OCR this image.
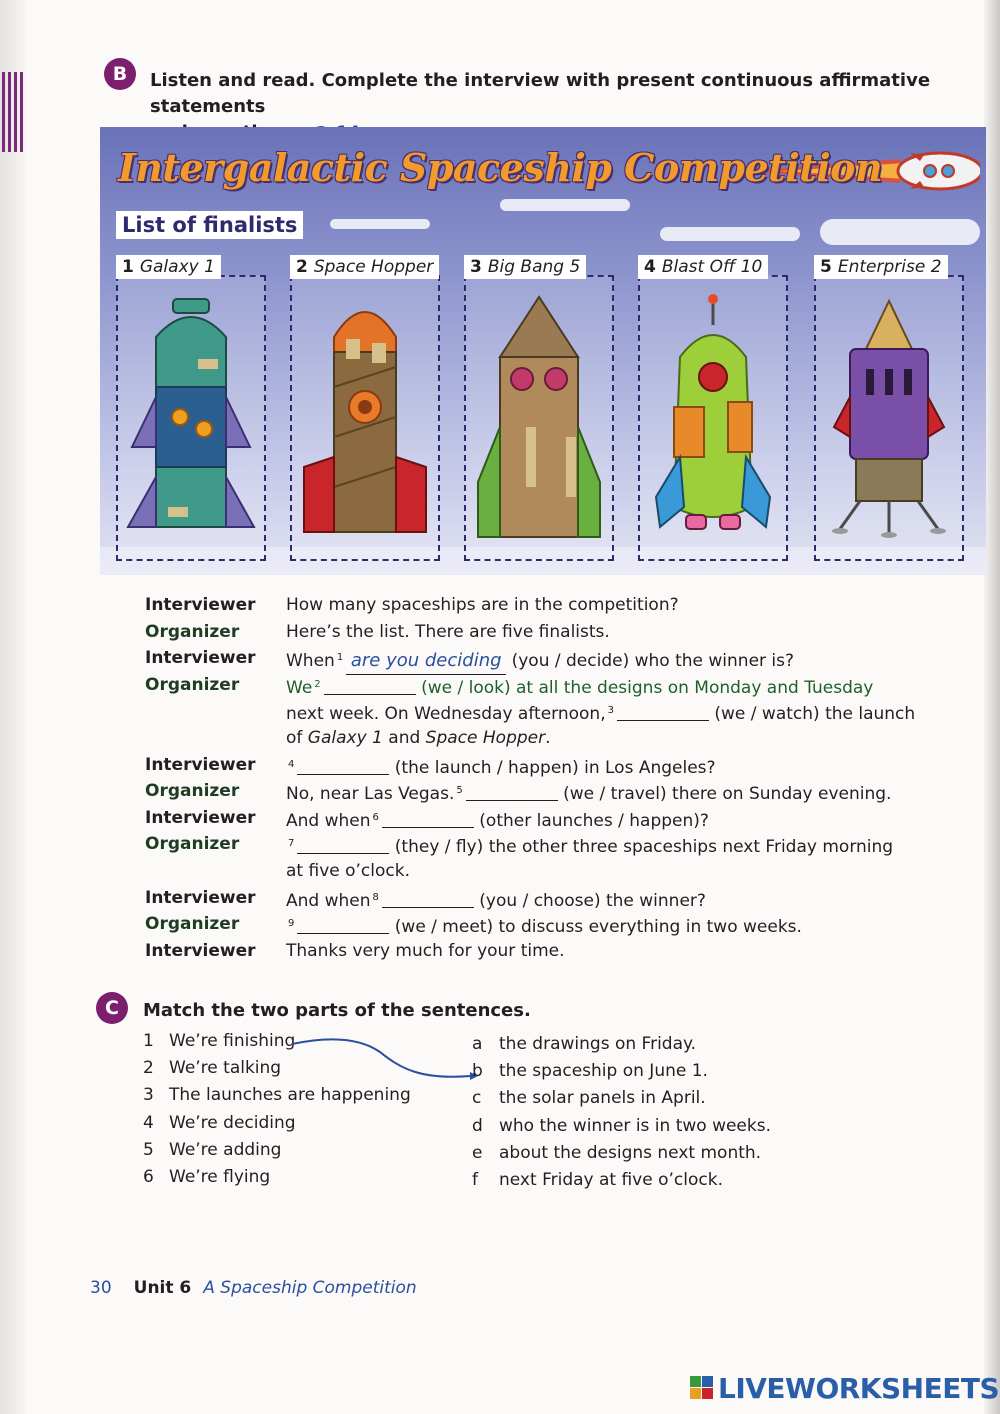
B	Listen and read. Complete the interview with present continuous affirmative statements
Intergalactic Spaceship Competition
List of finalists
1 Galaxy 1	2 Space Hopper	3 Big Bang 5	4 Blast Off 10	5 Enterprise 2
Interviewer How many spaceships are in the competition?
Organizer	Here’s the list. There are five finalists.
Interviewer When $^1$ are you deciding (you / decide) who the winner is?
Organizer	We $^2$	(we / look) at all the designs on Monday and Tuesday
next week. On Wednesday afternoon, $^3$	(we / watch) the launch
of Galaxy 1 and Space Hopper.
Interviewer	$^4$	(the launch / happen) in Los Angeles?
Organizer	No, near Las Vegas. $^5$	(we / travel) there on Sunday evening.
Interviewer And when $^6$	(other launches / happen)?
Organizer	$^7$	(they / fly) the other three spaceships next Friday morning
at five o’clock.
Interviewer And when $^8$	(you / choose) the winner?
Organizer	$^9$	(we / meet) to discuss everything in two weeks.
Interviewer Thanks very much for your time.
C	Match the two parts of the sentences.
1 We’re finishing
2 We’re talking
3 The launches are happening
4 We’re deciding
5 We’re adding
6 We’re flying
a the drawings on Friday.
b the spaceship on June 1.
c the solar panels in April.
d who the winner is in two weeks.
e about the designs next month.
f next Friday at five o’clock.
30 Unit 6 A Spaceship Competition
LIVEWORKSHEETS
